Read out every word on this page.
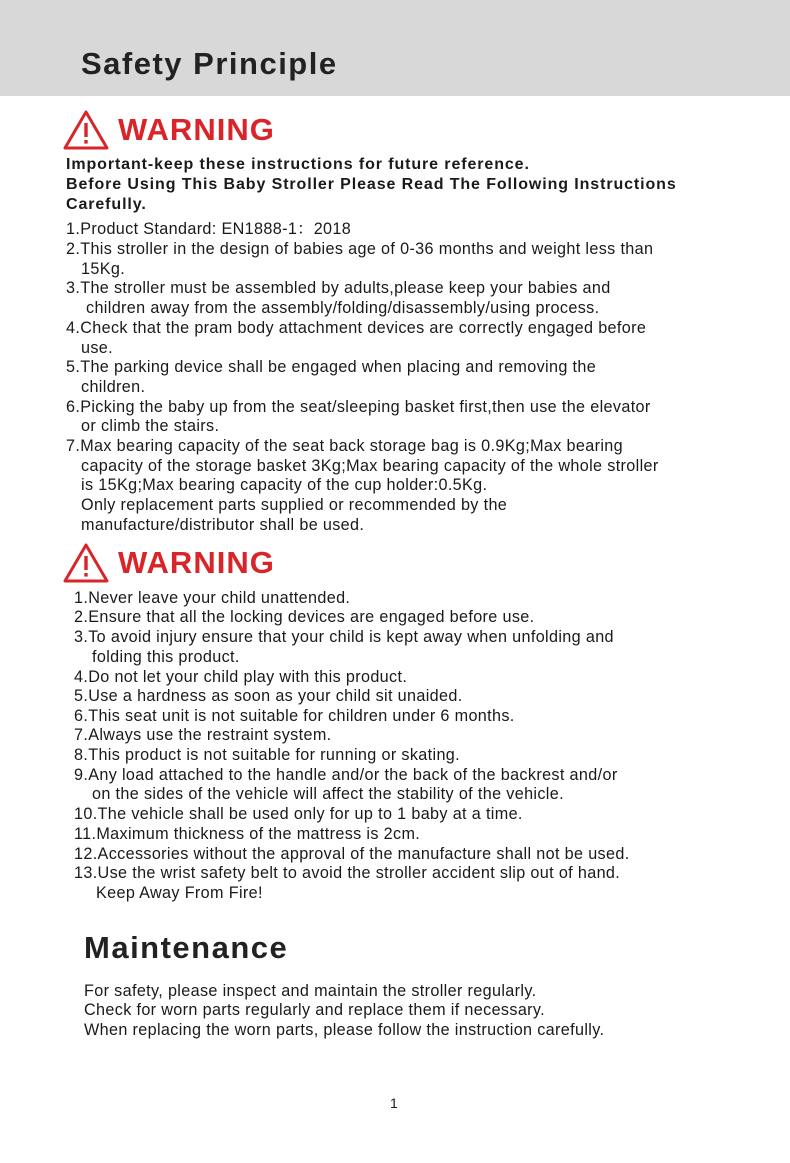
Safety Principle
WARNING
Important-keep these instructions for future reference.
Before Using This Baby Stroller Please Read The Following Instructions
Carefully.
1.Product Standard: EN1888-1：2018
2.This stroller in the design of babies age of 0-36 months and weight less than
15Kg.
3.The stroller must be assembled by adults,please keep your babies and
children away from the assembly/folding/disassembly/using process.
4.Check that the pram body attachment devices are correctly engaged before
use.
5.The parking device shall be engaged when placing and removing the
children.
6.Picking the baby up from the seat/sleeping basket first,then use the elevator
or climb the stairs.
7.Max bearing capacity of the seat back storage bag is 0.9Kg;Max bearing
capacity of the storage basket 3Kg;Max bearing capacity of the whole stroller
is 15Kg;Max bearing capacity of the cup holder:0.5Kg.
Only replacement parts supplied or recommended by the
manufacture/distributor shall be used.
WARNING
1.Never leave your child unattended.
2.Ensure that all the locking devices are engaged before use.
3.To avoid injury ensure that your child is kept away when unfolding and
folding this product.
4.Do not let your child play with this product.
5.Use a hardness as soon as your child sit unaided.
6.This seat unit is not suitable for children under 6 months.
7.Always use the restraint system.
8.This product is not suitable for running or skating.
9.Any load attached to the handle and/or the back of the backrest and/or
on the sides of the vehicle will affect the stability of the vehicle.
10.The vehicle shall be used only for up to 1 baby at a time.
11.Maximum thickness of the mattress is 2cm.
12.Accessories without the approval of the manufacture shall not be used.
13.Use the wrist safety belt to avoid the stroller accident slip out of hand.
Keep Away From Fire!
Maintenance
For safety, please inspect and maintain the stroller regularly.
Check for worn parts regularly and replace them if necessary.
When replacing the worn parts, please follow the instruction carefully.
1
